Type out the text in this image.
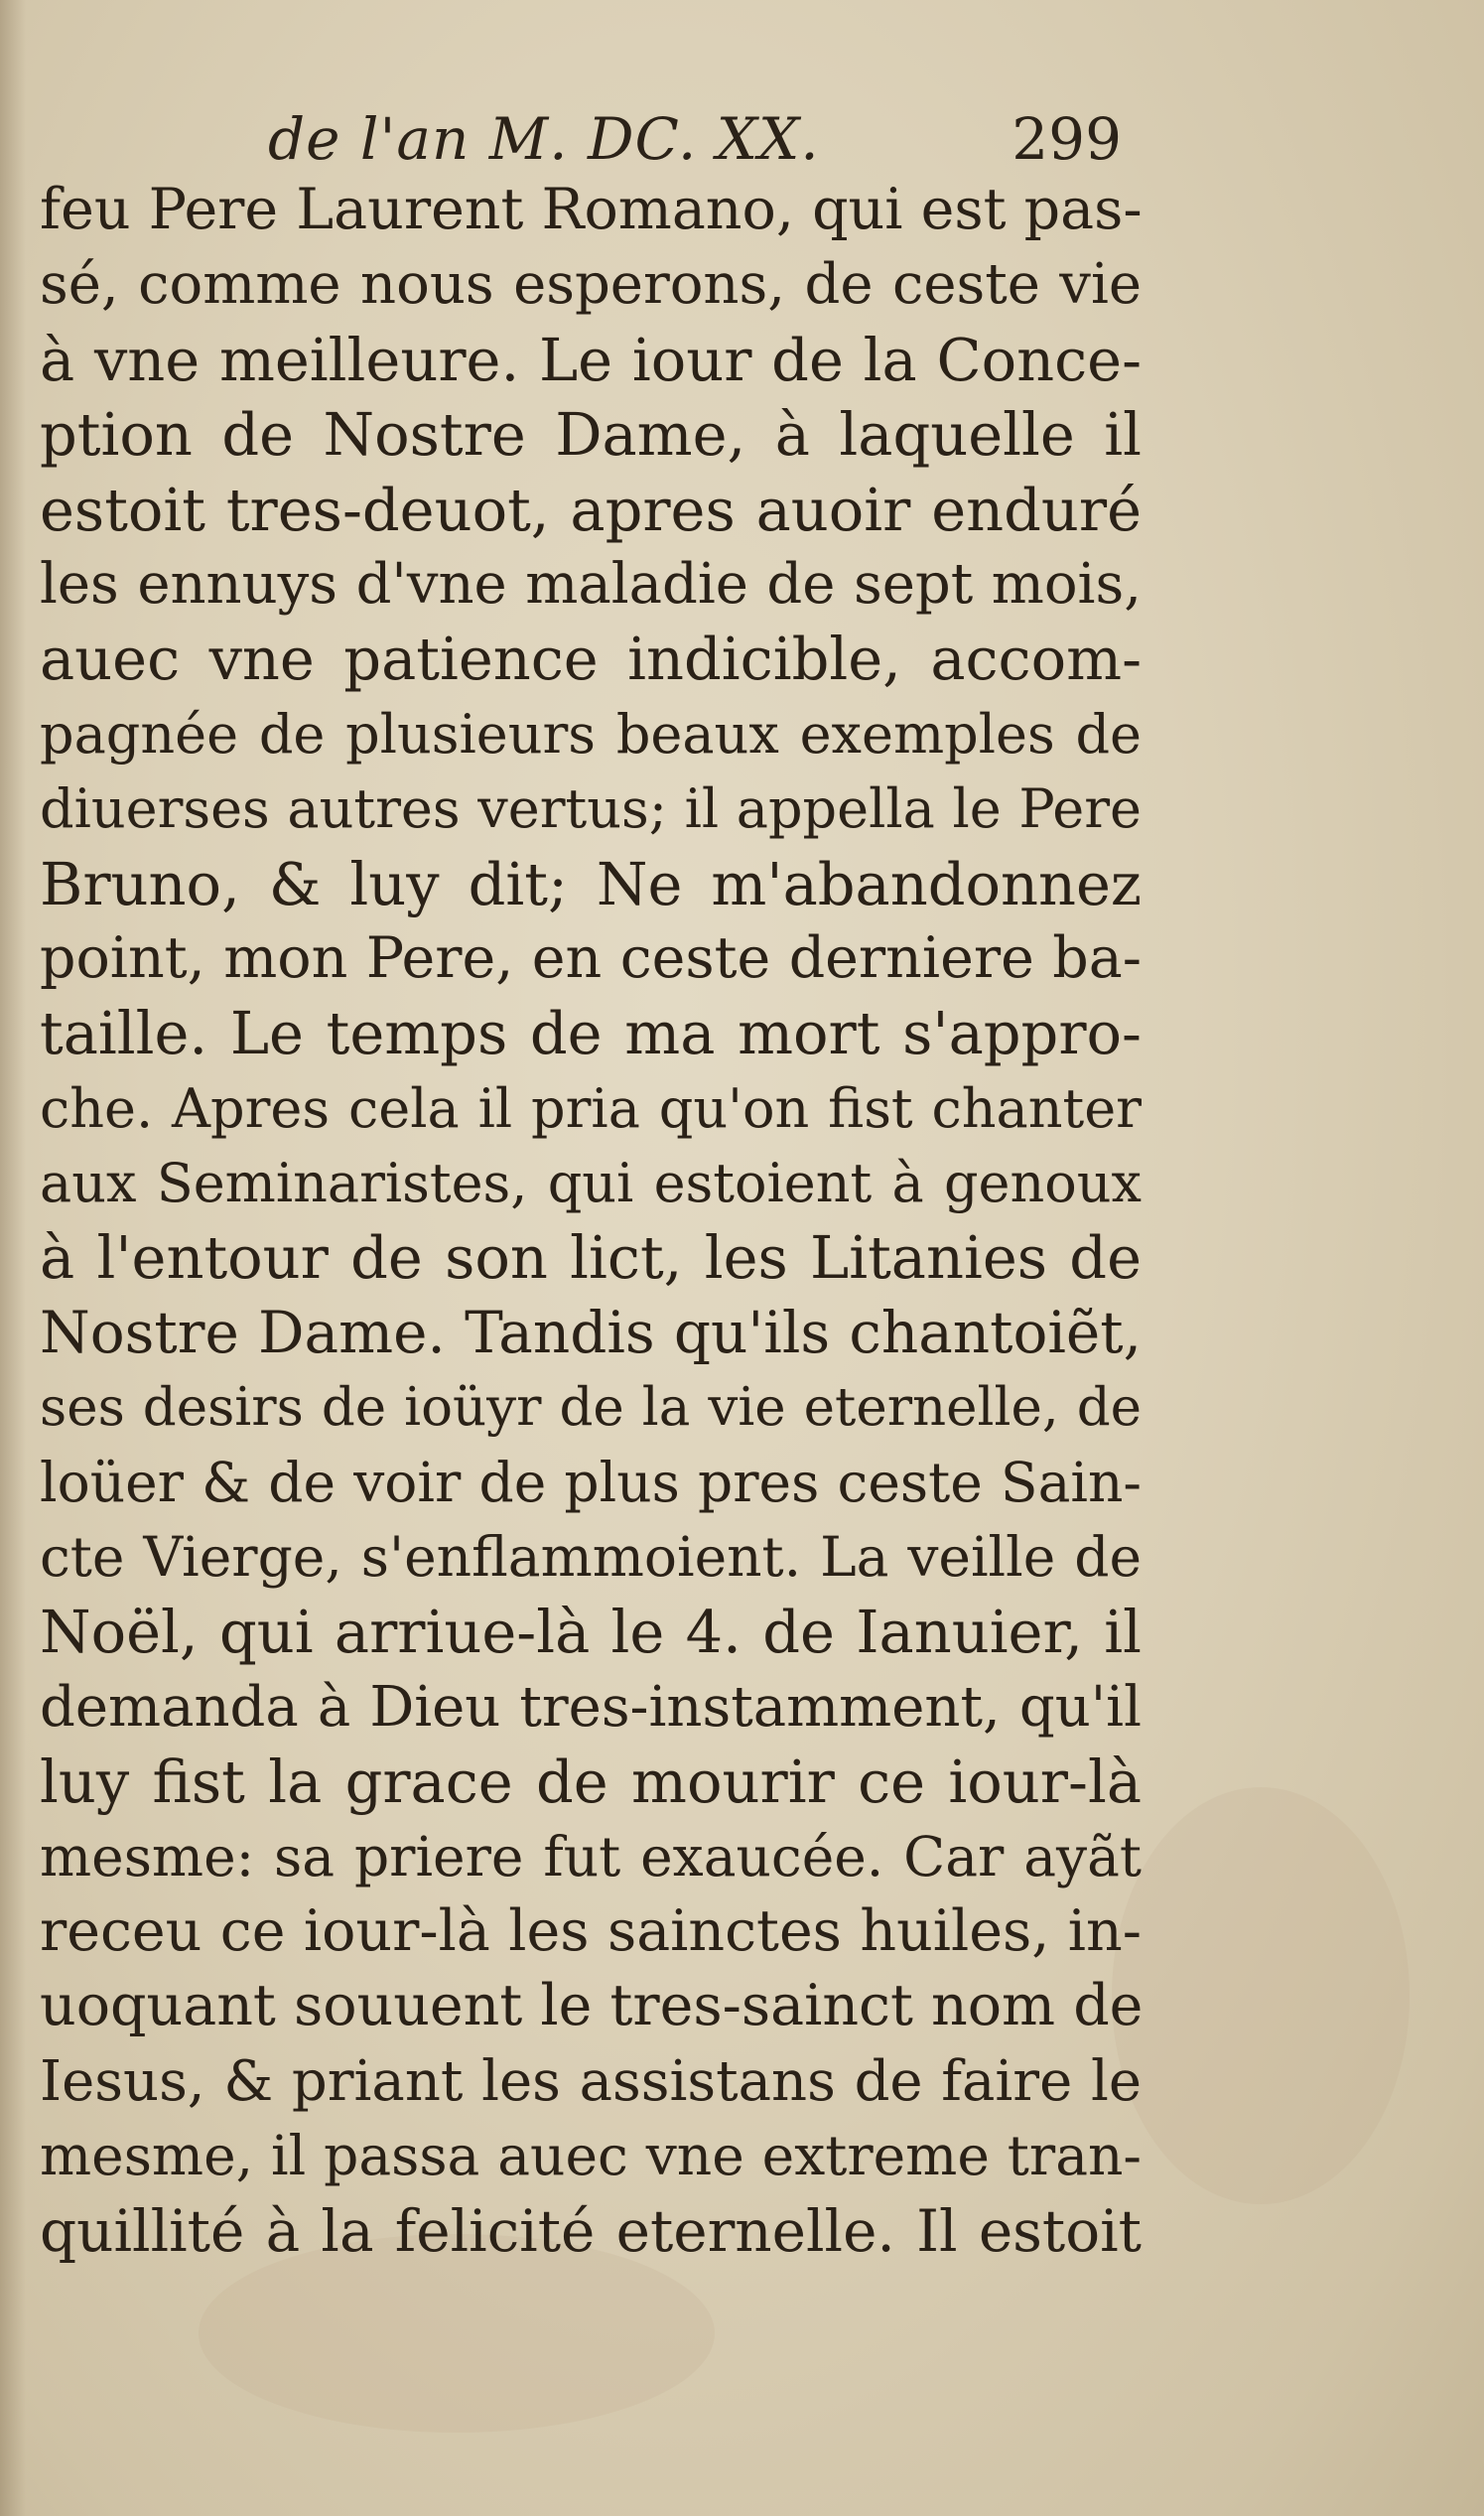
de l'an M. DC. XX.	299
feu Pere Laurent Romano, qui est pas-
sé, comme nous esperons, de ceste vie
à vne meilleure. Le iour de la Conce-
ption de Nostre Dame, à laquelle il
estoit tres-deuot, apres auoir enduré
les ennuys d'vne maladie de sept mois,
auec vne patience indicible, accom-
pagnée de plusieurs beaux exemples de
diuerses autres vertus; il appella le Pere
Bruno, & luy dit; Ne m'abandonnez
point, mon Pere, en ceste derniere ba-
taille. Le temps de ma mort s'appro-
che. Apres cela il pria qu'on fist chanter
aux Seminaristes, qui estoient à genoux
à l'entour de son lict, les Litanies de
Nostre Dame. Tandis qu'ils chantoiẽt,
ses desirs de ioüyr de la vie eternelle, de
loüer & de voir de plus pres ceste Sain-
cte Vierge, s'enflammoient. La veille de
Noël, qui arriue-là le 4. de Ianuier, il
demanda à Dieu tres-instamment, qu'il
luy fist la grace de mourir ce iour-là
mesme: sa priere fut exaucée. Car ayãt
receu ce iour-là les sainctes huiles, in-
uoquant souuent le tres-sainct nom de
Iesus, & priant les assistans de faire le
mesme, il passa auec vne extreme tran-
quillité à la felicité eternelle. Il estoit
